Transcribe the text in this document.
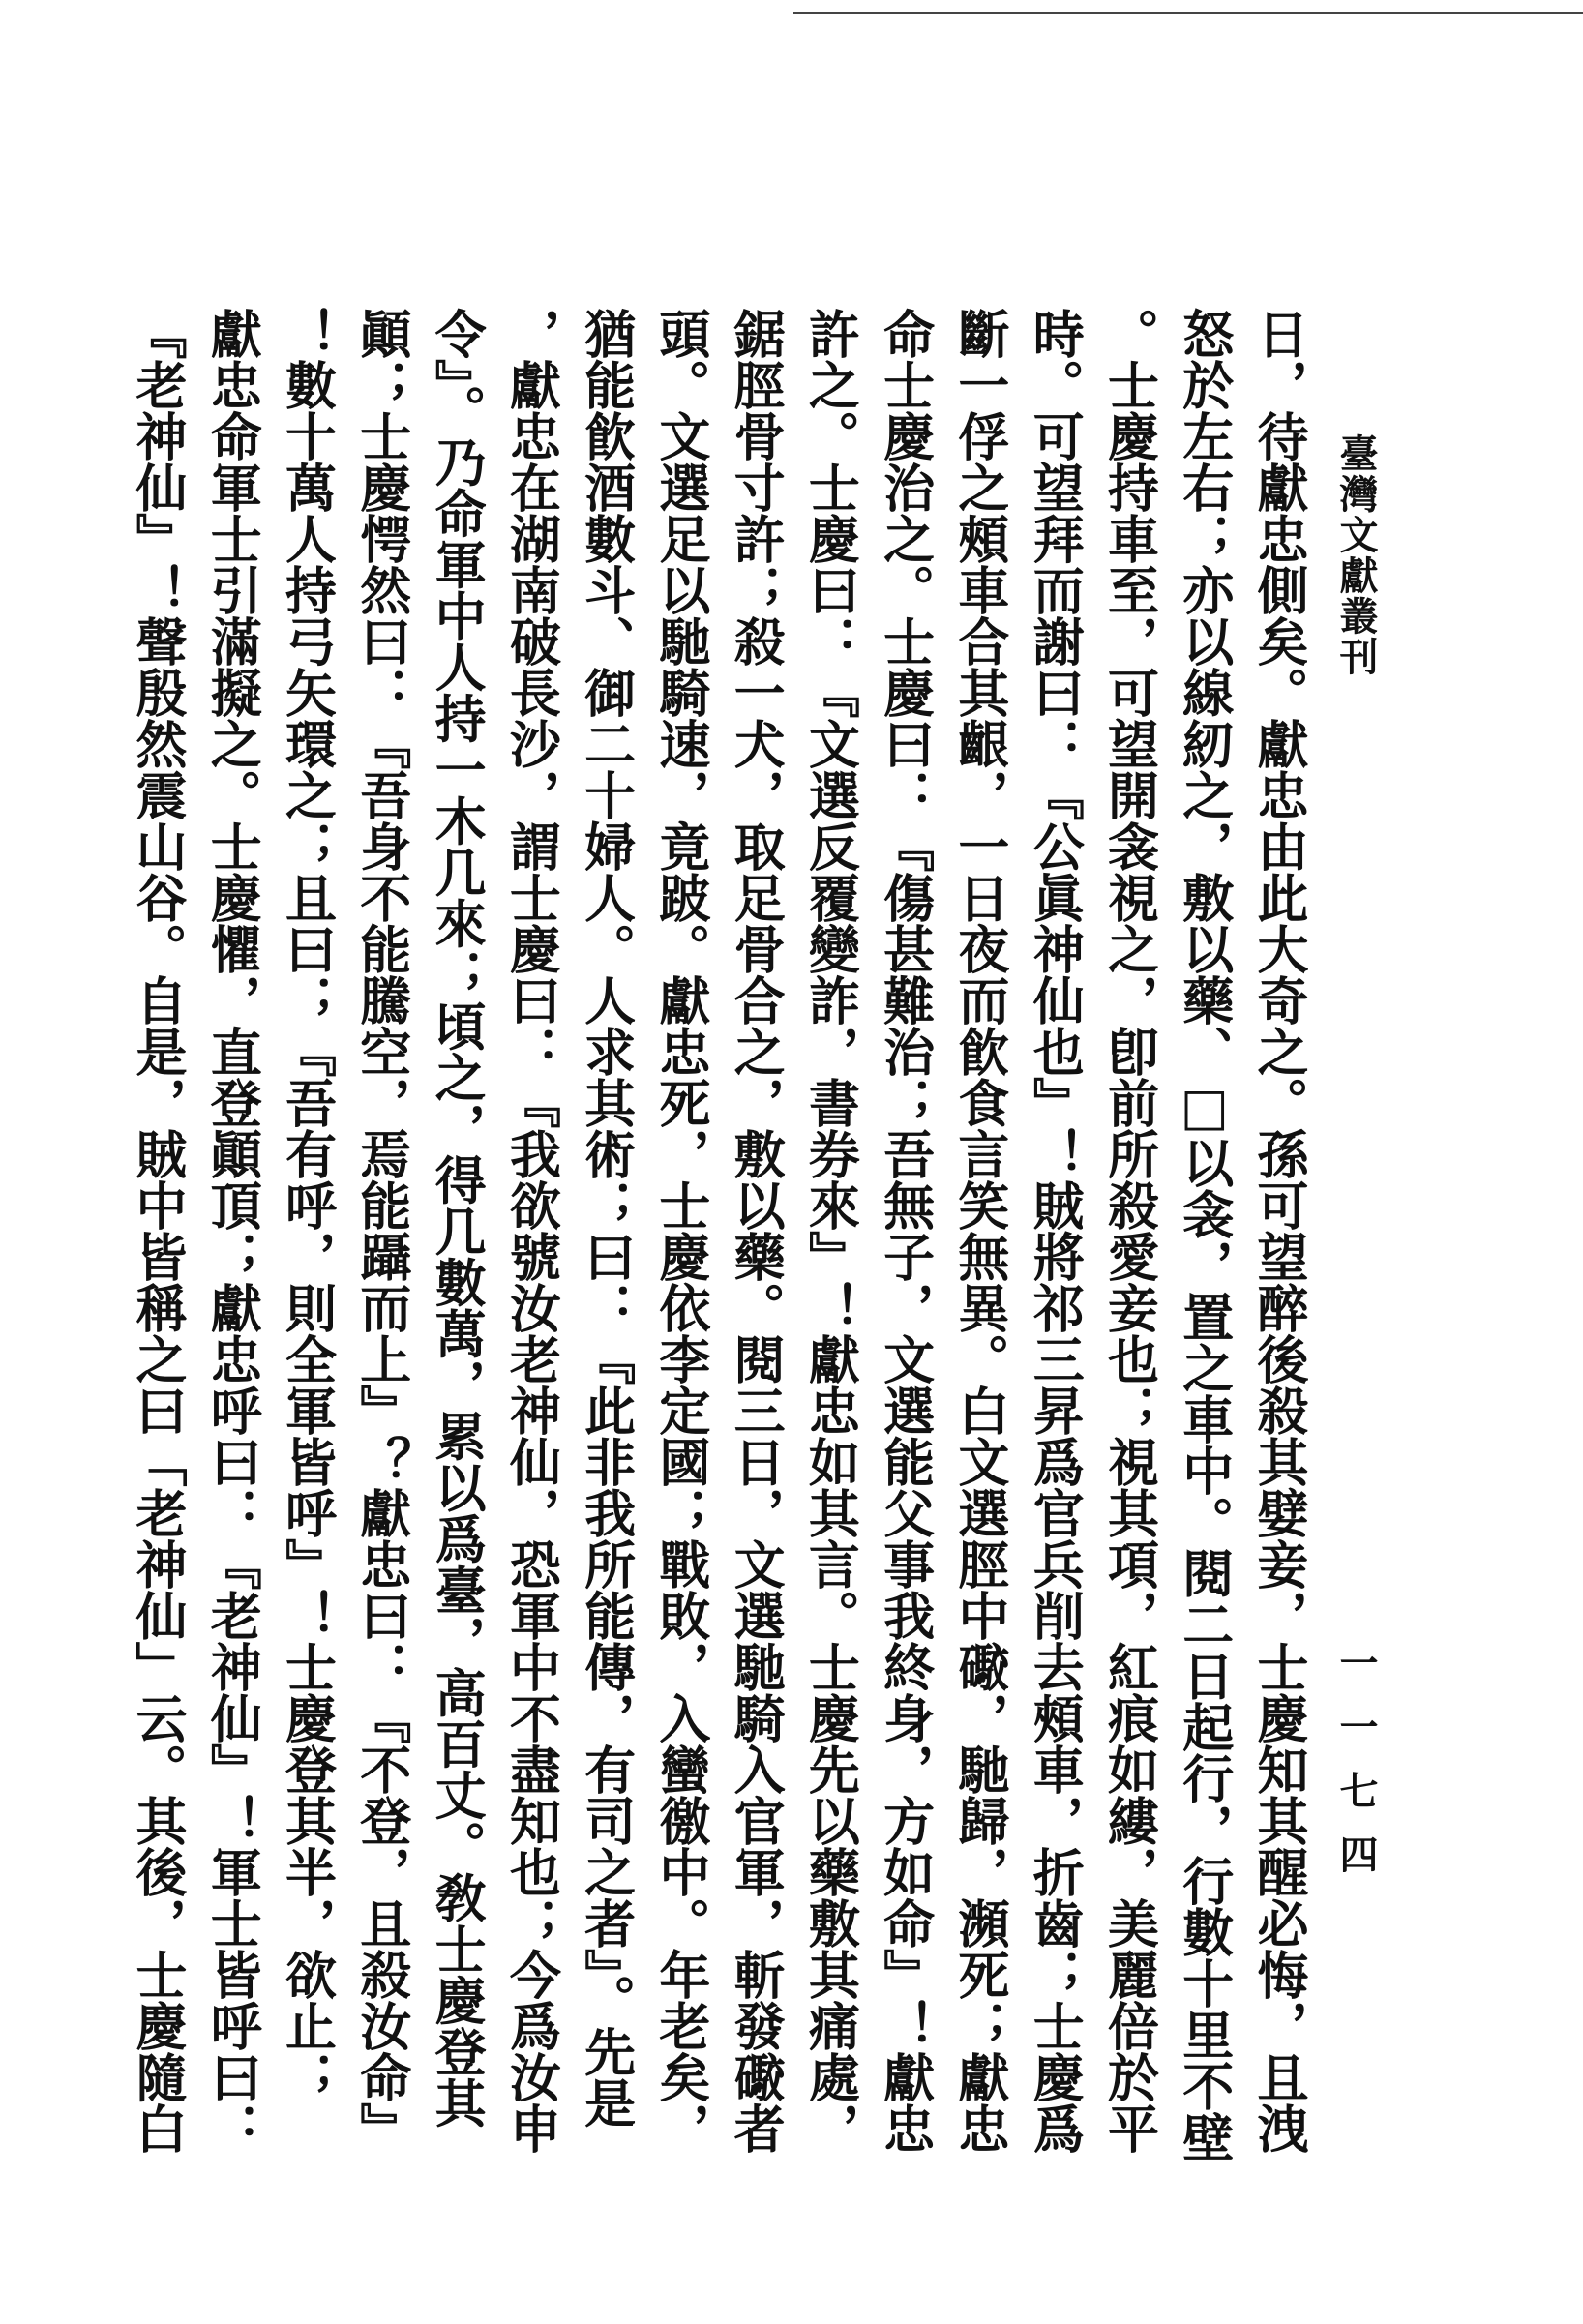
臺灣文獻叢刊
一一七四
日，待獻忠側矣。獻忠由此大奇之。孫可望醉後殺其嬖妾，士慶知其醒必悔，且洩
怒於左右；亦以線紉之，敷以藥、□以衾，置之車中。閱二日起行，行數十里不壁
。士慶持車至，可望開衾視之，卽前所殺愛妾也；視其項，紅痕如縷，美麗倍於平
時。可望拜而謝曰：『公眞神仙也』！賊將祁三昇爲官兵削去頰車，折齒；士慶爲
斷一俘之頰車合其齦，一日夜而飮食言笑無異。白文選脛中礮，馳歸，瀕死；獻忠
命士慶治之。士慶曰：『傷甚難治；吾無子，文選能父事我終身，方如命』！獻忠
許之。士慶曰：『文選反覆變詐，書券來』！獻忠如其言。士慶先以藥敷其痛處，
鋸脛骨寸許；殺一犬，取足骨合之，敷以藥。閱三日，文選馳騎入官軍，斬發礮者
頭。文選足以馳騎速，竟跛。獻忠死，士慶依李定國；戰敗，入蠻徼中。年老矣，
猶能飮酒數斗、御二十婦人。人求其術；曰：『此非我所能傳，有司之者』。先是
，獻忠在湖南破長沙，謂士慶曰：『我欲號汝老神仙，恐軍中不盡知也；今爲汝申
令』。乃命軍中人持一木几來；頃之，得几數萬，累以爲臺，高百丈。敎士慶登其
顚；士慶愕然曰：『吾身不能騰空，焉能躡而上』？獻忠曰：『不登，且殺汝命』
！數十萬人持弓矢環之；且曰；『吾有呼，則全軍皆呼』！士慶登其半，欲止；
獻忠命軍士引滿擬之。士慶懼，直登顚頂；獻忠呼曰：『老神仙』！軍士皆呼曰：
『老神仙』！聲殷然震山谷。自是，賊中皆稱之曰「老神仙」云。其後，士慶隨白
